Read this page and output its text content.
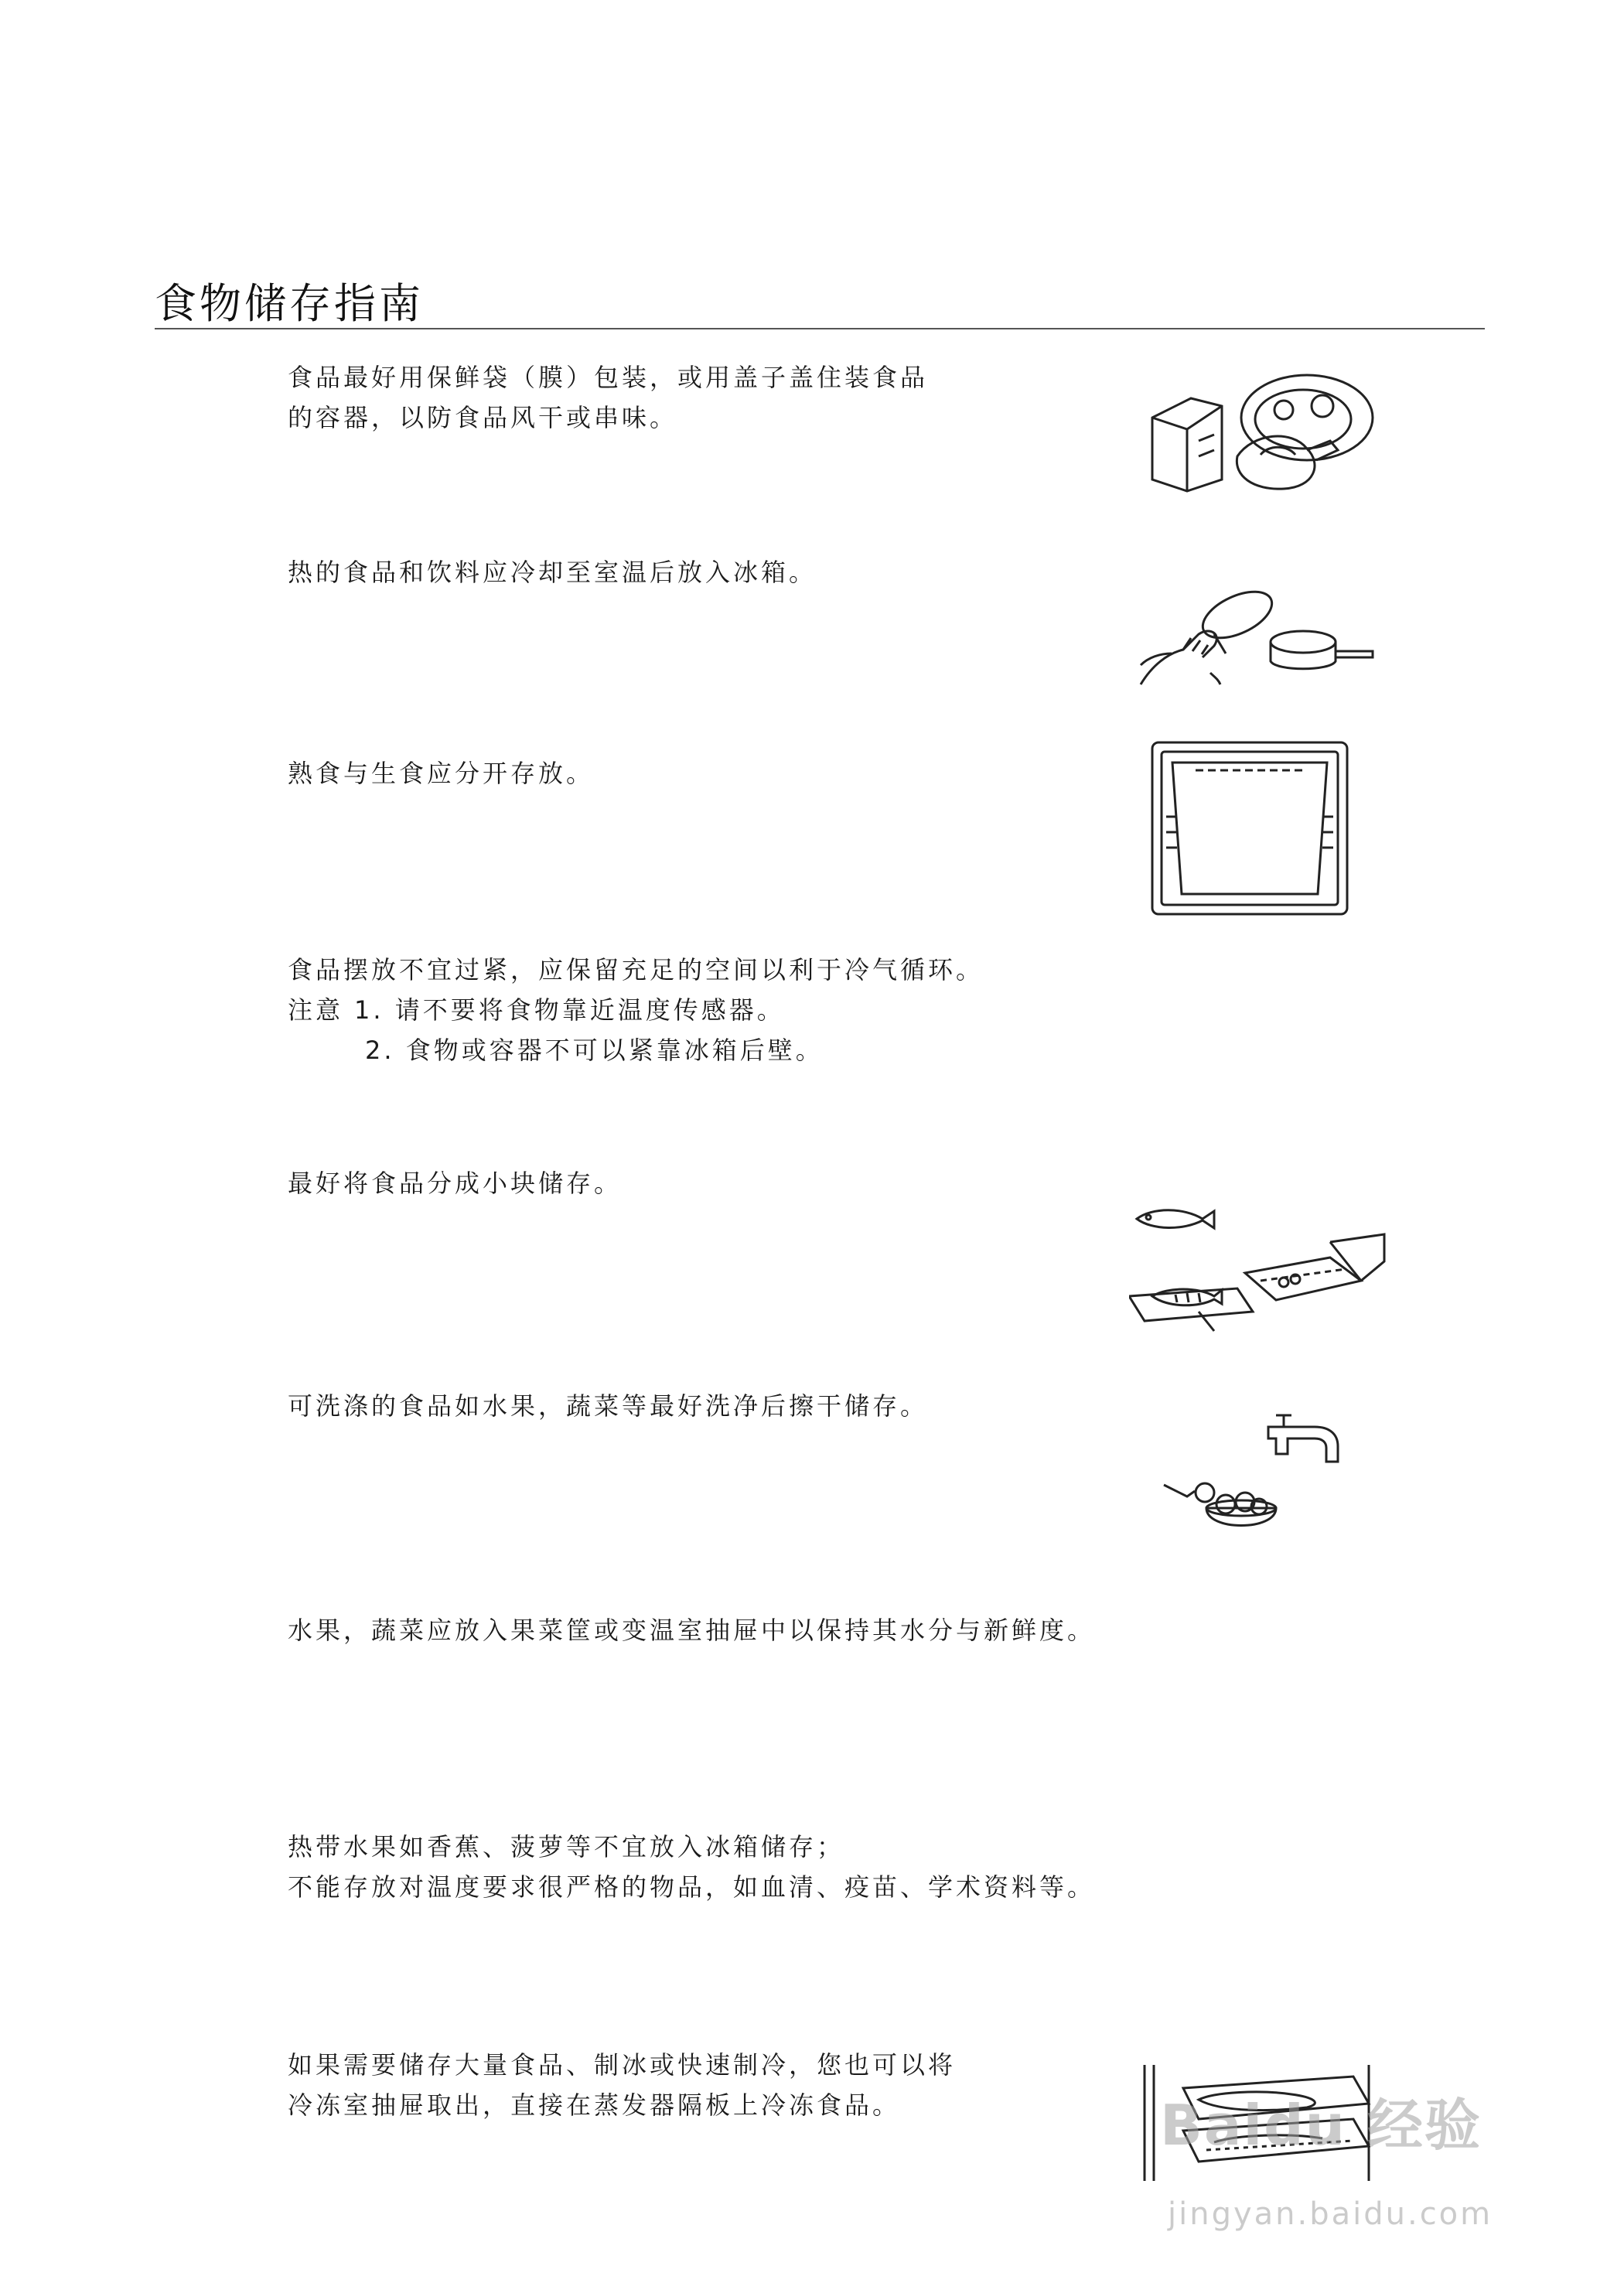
食物储存指南
食品最好用保鲜袋（膜）包装，或用盖子盖住装食品
的容器，以防食品风干或串味。
热的食品和饮料应冷却至室温后放入冰箱。
熟食与生食应分开存放。
食品摆放不宜过紧，应保留充足的空间以利于冷气循环。
注意 1. 请不要将食物靠近温度传感器。
2. 食物或容器不可以紧靠冰箱后壁。
最好将食品分成小块储存。
可洗涤的食品如水果，蔬菜等最好洗净后擦干储存。
水果，蔬菜应放入果菜筐或变温室抽屉中以保持其水分与新鲜度。
热带水果如香蕉、菠萝等不宜放入冰箱储存；
不能存放对温度要求很严格的物品，如血清、疫苗、学术资料等。
如果需要储存大量食品、制冰或快速制冷，您也可以将
冷冻室抽屉取出，直接在蒸发器隔板上冷冻食品。	Baidu 经验
jingyan.baidu.com
